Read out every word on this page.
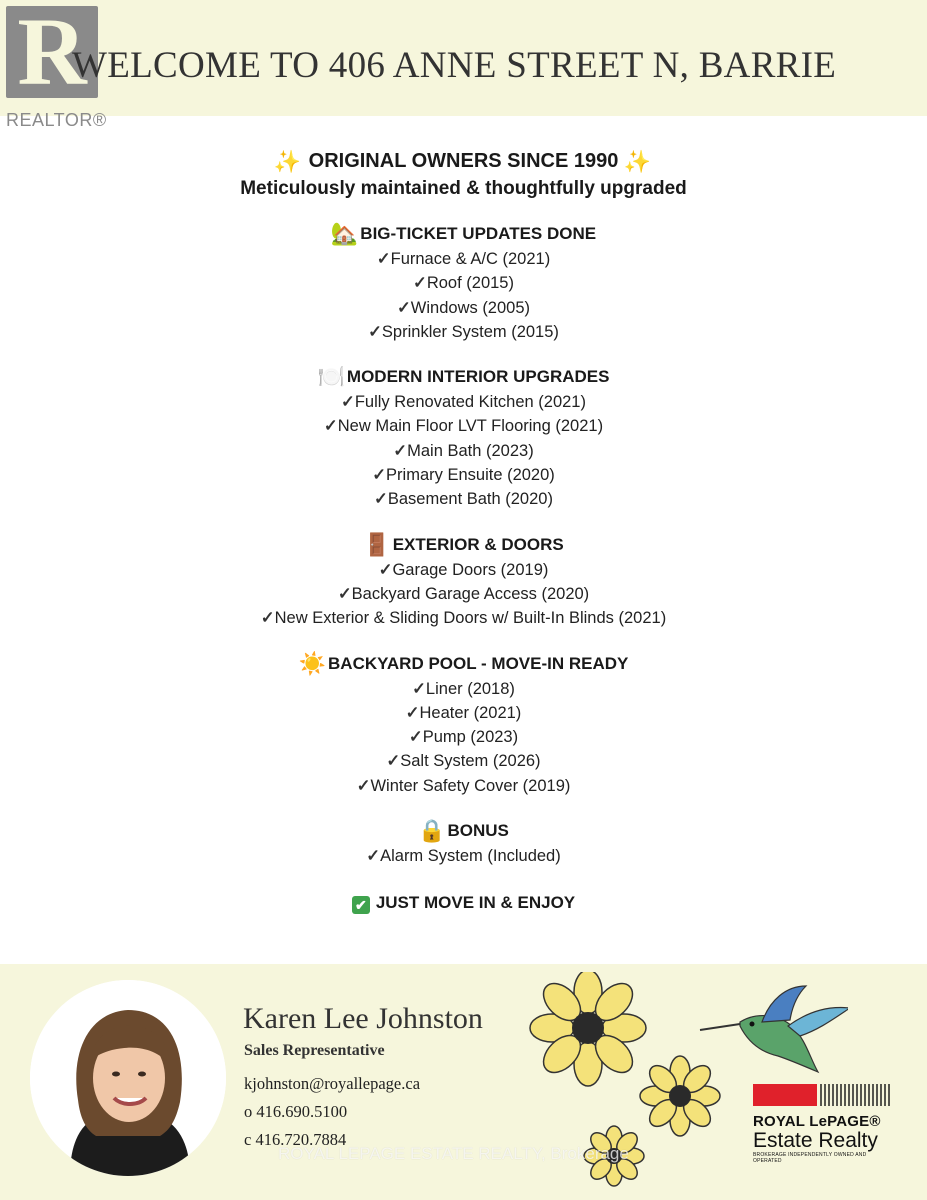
R
REALTOR®
WELCOME TO 406 ANNE STREET N, BARRIE
✨ ORIGINAL OWNERS SINCE 1990 ✨
Meticulously maintained & thoughtfully upgraded
🏡 BIG-TICKET UPDATES DONE
✓Furnace & A/C (2021)
✓Roof (2015)
✓Windows (2005)
✓Sprinkler System (2015)
🍽️ MODERN INTERIOR UPGRADES
✓Fully Renovated Kitchen (2021)
✓New Main Floor LVT Flooring (2021)
✓Main Bath (2023)
✓Primary Ensuite (2020)
✓Basement Bath (2020)
🚪 EXTERIOR & DOORS
✓Garage Doors (2019)
✓Backyard Garage Access (2020)
✓New Exterior & Sliding Doors w/ Built-In Blinds (2021)
☀️ BACKYARD POOL - MOVE-IN READY
✓Liner (2018)
✓Heater (2021)
✓Pump (2023)
✓Salt System (2026)
✓Winter Safety Cover (2019)
🔒 BONUS
✓Alarm System (Included)
✔ JUST MOVE IN & ENJOY
Karen Lee Johnston
Sales Representative
kjohnston@royallepage.ca
o 416.690.5100
c 416.720.7884
ROYAL LePAGE®
Estate Realty
BROKERAGE INDEPENDENTLY OWNED AND OPERATED
ROYAL LEPAGE ESTATE REALTY, Brokerage
